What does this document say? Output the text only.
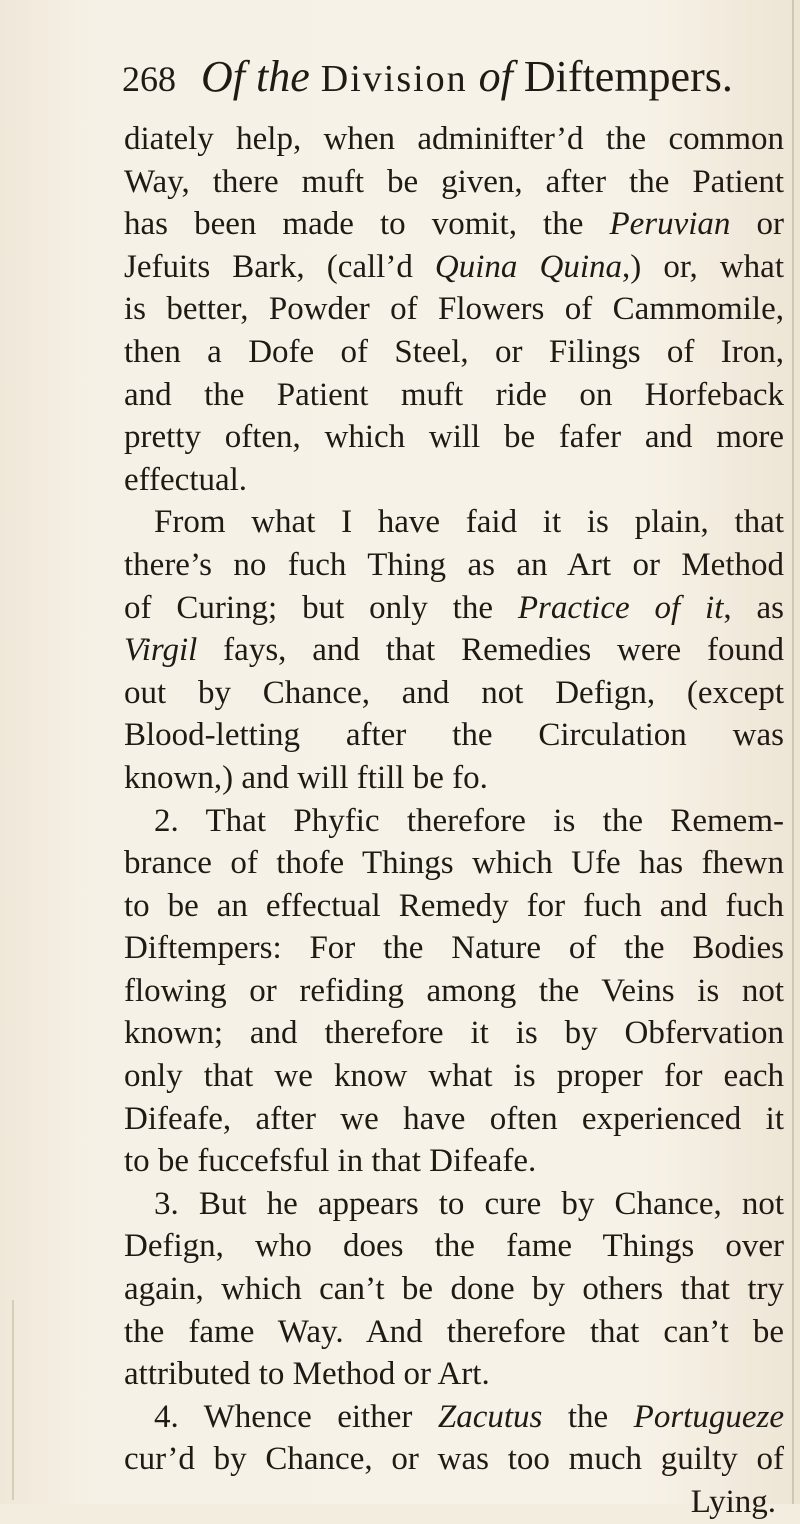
268 Of the Division of Diftempers.
diately help, when adminifter’d the common
Way, there muft be given, after the Patient
has been made to vomit, the Peruvian or
Jefuits Bark, (call’d Quina Quina,) or, what
is better, Powder of Flowers of Cammomile,
then a Dofe of Steel, or Filings of Iron,
and the Patient muft ride on Horfeback
pretty often, which will be fafer and more
effectual.
From what I have faid it is plain, that
there’s no fuch Thing as an Art or Method
of Curing; but only the Practice of it, as
Virgil fays, and that Remedies were found
out by Chance, and not Defign, (except
Blood-letting after the Circulation was
known,) and will ftill be fo.
2. That Phyfic therefore is the Remem-
brance of thofe Things which Ufe has fhewn
to be an effectual Remedy for fuch and fuch
Diftempers: For the Nature of the Bodies
flowing or refiding among the Veins is not
known; and therefore it is by Obfervation
only that we know what is proper for each
Difeafe, after we have often experienced it
to be fuccefsful in that Difeafe.
3. But he appears to cure by Chance, not
Defign, who does the fame Things over
again, which can’t be done by others that try
the fame Way. And therefore that can’t be
attributed to Method or Art.
4. Whence either Zacutus the Portugueze
cur’d by Chance, or was too much guilty of
Lying.
